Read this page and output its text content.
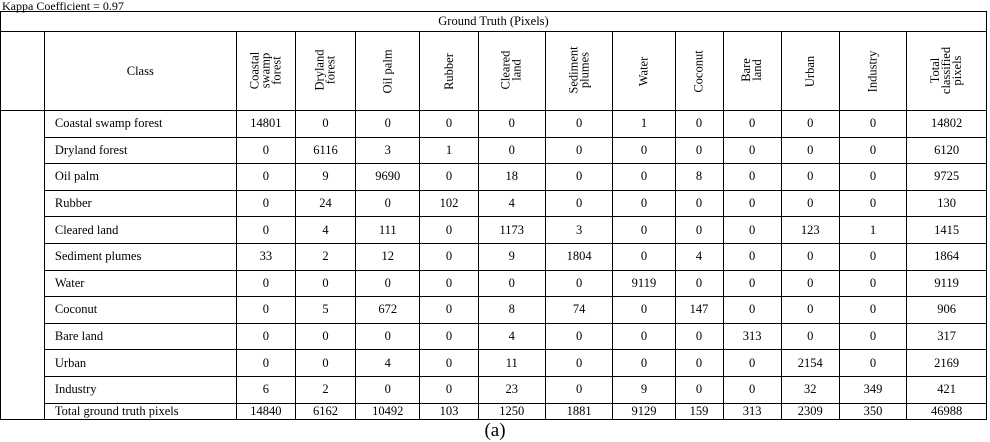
Kappa Coefficient = 0.97
Ground Truth (Pixels)													
	Class	Coastal
swamp
forest	Dryland
forest	Oil palm	Rubber	Cleared
land	Sediment
plumes	Water	Coconut	Bare
land	Urban	Industry	Total
classified
pixels
	Coastal swamp forest	14801	0	0	0	0	0	1	0	0	0	0	14802
	Dryland forest	0	6116	3	1	0	0	0	0	0	0	0	6120
	Oil palm	0	9	9690	0	18	0	0	8	0	0	0	9725
	Rubber	0	24	0	102	4	0	0	0	0	0	0	130
	Cleared land	0	4	111	0	1173	3	0	0	0	123	1	1415
	Sediment plumes	33	2	12	0	9	1804	0	4	0	0	0	1864
	Water	0	0	0	0	0	0	9119	0	0	0	0	9119
	Coconut	0	5	672	0	8	74	0	147	0	0	0	906
	Bare land	0	0	0	0	4	0	0	0	313	0	0	317
	Urban	0	0	4	0	11	0	0	0	0	2154	0	2169
	Industry	6	2	0	0	23	0	9	0	0	32	349	421
	Total ground truth pixels	14840	6162	10492	103	1250	1881	9129	159	313	2309	350	46988
(a)
